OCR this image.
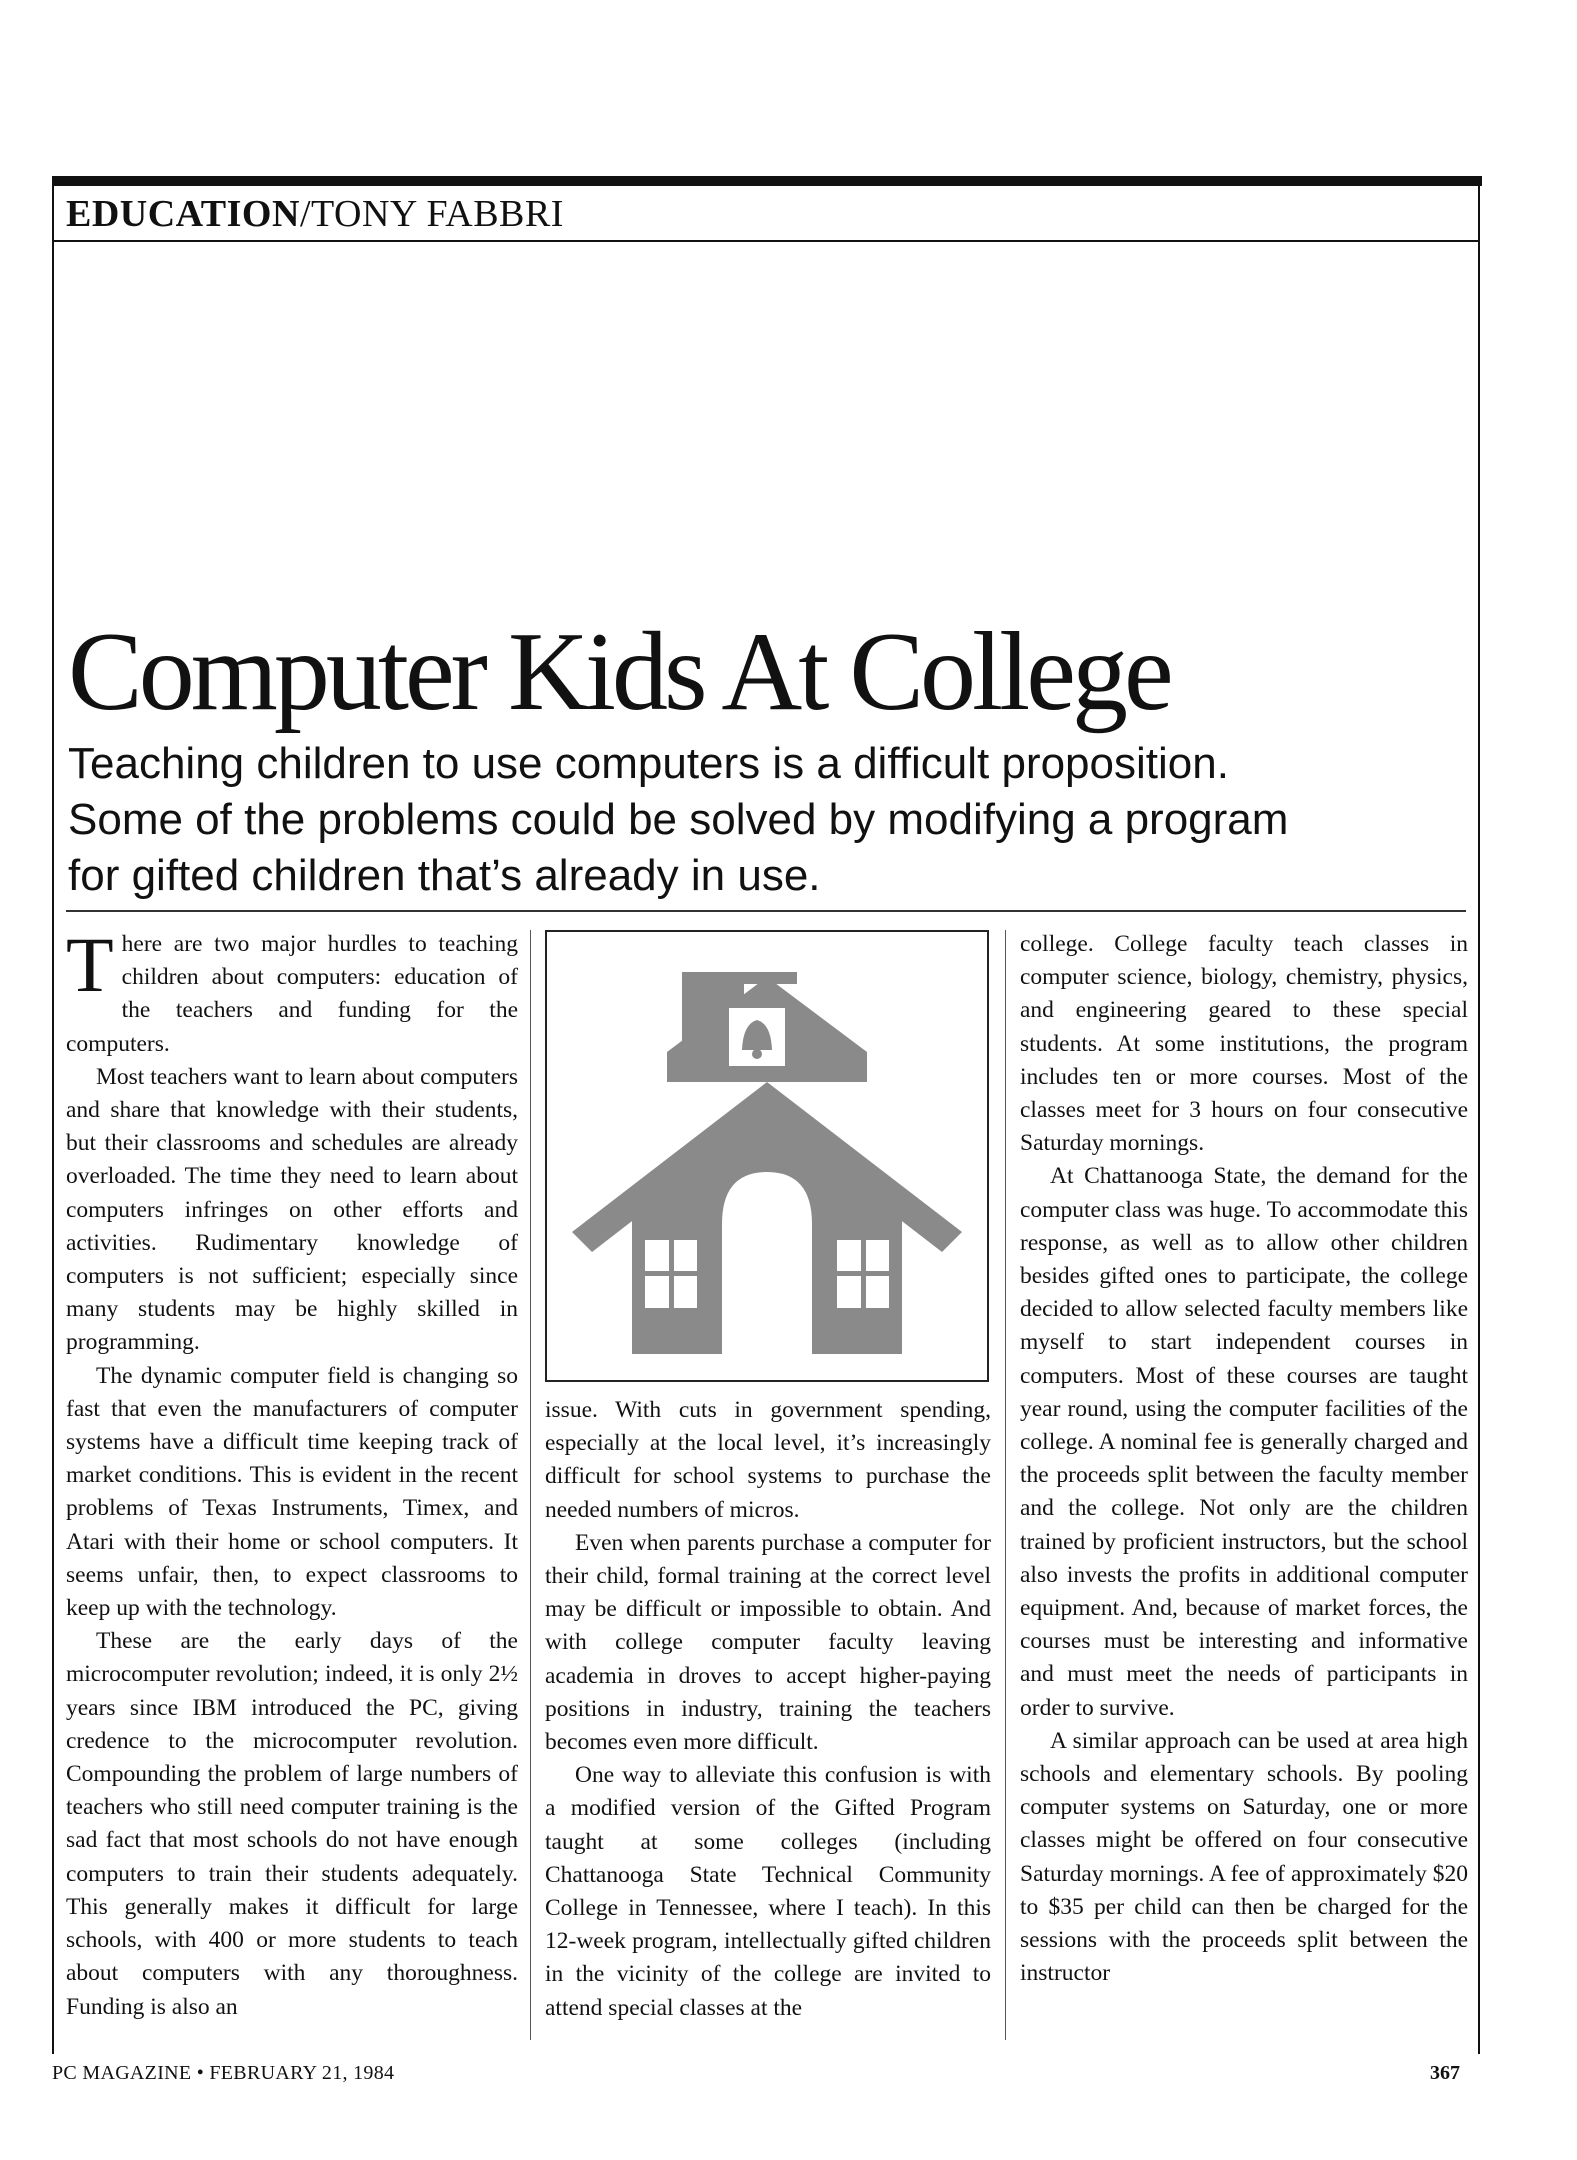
EDUCATION/TONY FABBRI
Computer Kids At College
Teaching children to use computers is a difficult proposition.
Some of the problems could be solved by modifying a program
for gifted children that’s already in use.

There are two major hurdles to teaching children about computers: education of the teachers and funding for the computers.

Most teachers want to learn about computers and share that knowledge with their students, but their classrooms and schedules are already overloaded. The time they need to learn about computers infringes on other efforts and activities. Rudimentary knowledge of computers is not sufficient; especially since many students may be highly skilled in programming.

The dynamic computer field is changing so fast that even the manufacturers of computer systems have a difficult time keeping track of market conditions. This is evident in the recent problems of Texas Instruments, Timex, and Atari with their home or school computers. It seems unfair, then, to expect classrooms to keep up with the technology.

These are the early days of the microcomputer revolution; indeed, it is only 2½ years since IBM introduced the PC, giving credence to the microcomputer revolution. Compounding the problem of large numbers of teachers who still need computer training is the sad fact that most schools do not have enough computers to train their students adequately. This generally makes it difficult for large schools, with 400 or more students to teach about computers with any thoroughness. Funding is also an

issue. With cuts in government spending, especially at the local level, it’s increasingly difficult for school systems to purchase the needed numbers of micros.

Even when parents purchase a computer for their child, formal training at the correct level may be difficult or impossible to obtain. And with college computer faculty leaving academia in droves to accept higher-paying positions in industry, training the teachers becomes even more difficult.

One way to alleviate this confusion is with a modified version of the Gifted Program taught at some colleges (including Chattanooga State Technical Community College in Tennessee, where I teach). In this 12-week program, intellectually gifted children in the vicinity of the college are invited to attend special classes at the

college. College faculty teach classes in computer science, biology, chemistry, physics, and engineering geared to these special students. At some institutions, the program includes ten or more courses. Most of the classes meet for 3 hours on four consecutive Saturday mornings.

At Chattanooga State, the demand for the computer class was huge. To accommodate this response, as well as to allow other children besides gifted ones to participate, the college decided to allow selected faculty members like myself to start independent courses in computers. Most of these courses are taught year round, using the computer facilities of the college. A nominal fee is generally charged and the proceeds split between the faculty member and the college. Not only are the children trained by proficient instructors, but the school also invests the profits in additional computer equipment. And, because of market forces, the courses must be interesting and informative and must meet the needs of participants in order to survive.

A similar approach can be used at area high schools and elementary schools. By pooling computer systems on Saturday, one or more classes might be offered on four consecutive Saturday mornings. A fee of approximately $20 to $35 per child can then be charged for the sessions with the proceeds split between the instructor

PC MAGAZINE • FEBRUARY 21, 1984	367
